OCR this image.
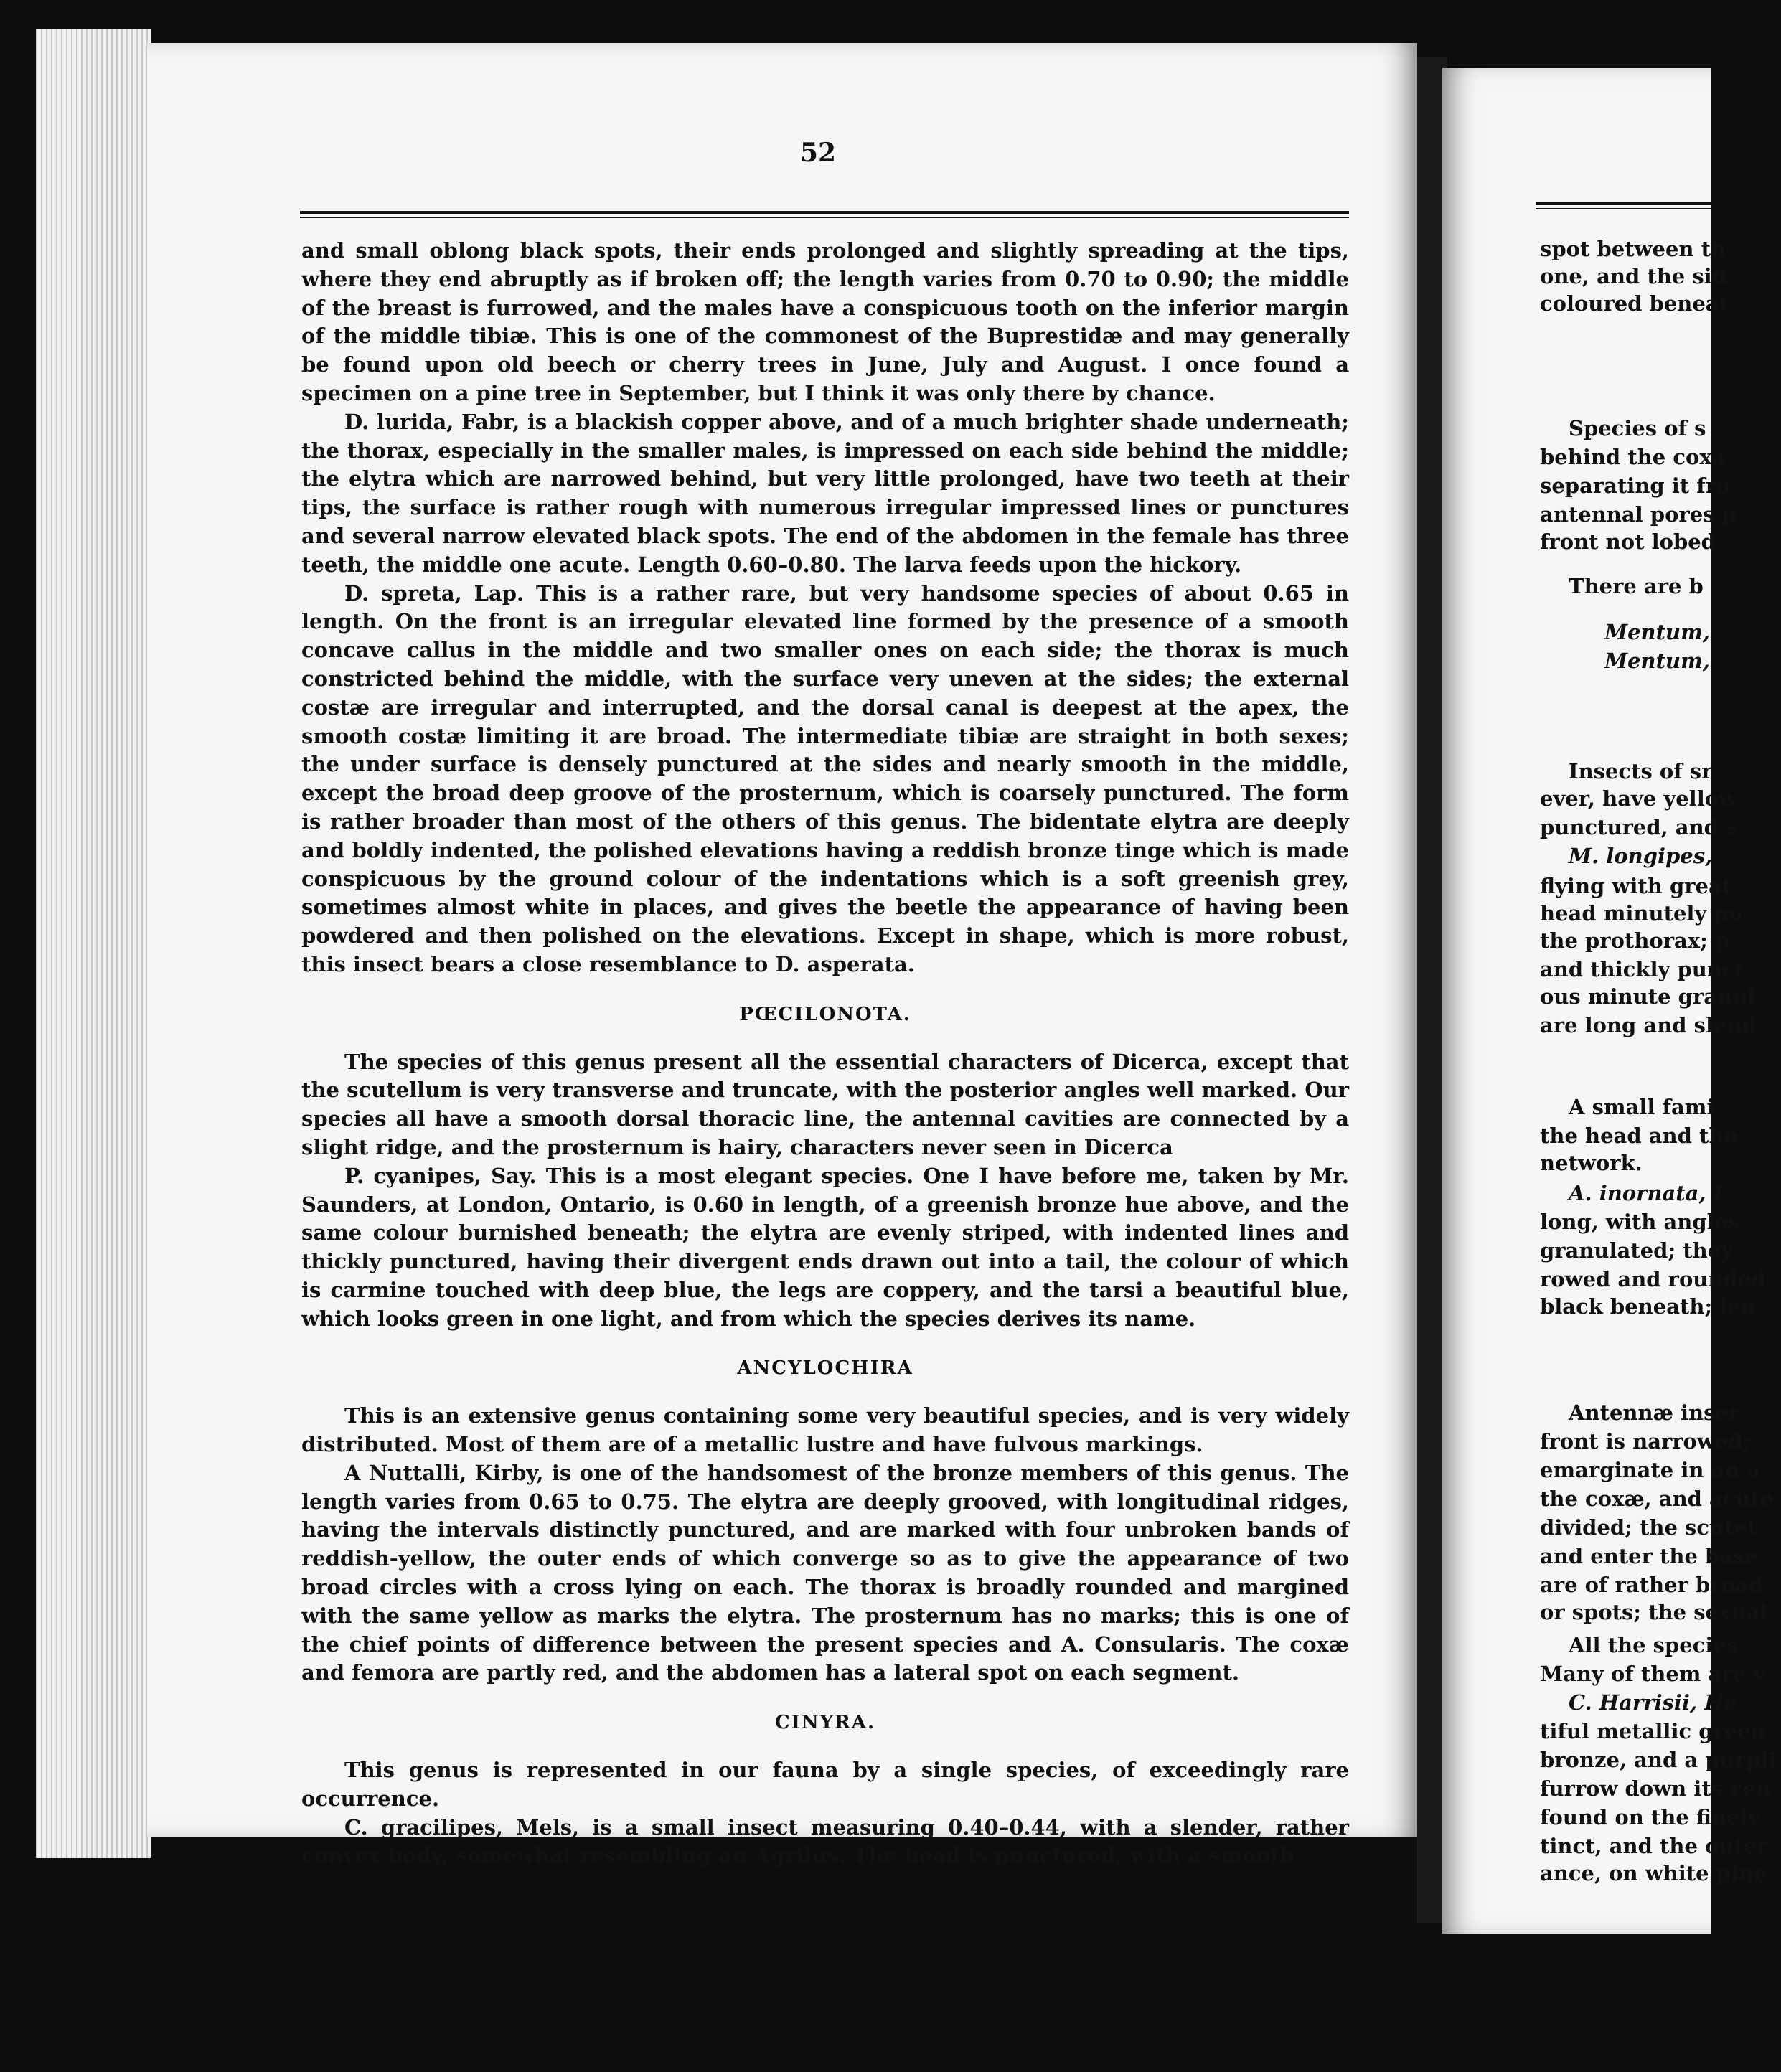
52

and small oblong black spots, their ends prolonged and slightly spreading at the tips, where they end abruptly as if broken off; the length varies from 0.70 to 0.90; the middle of the breast is furrowed, and the males have a conspicuous tooth on the inferior margin of the middle tibiæ. This is one of the commonest of the Buprestidæ and may generally be found upon old beech or cherry trees in June, July and August. I once found a specimen on a pine tree in September, but I think it was only there by chance.

D. lurida, Fabr, is a blackish copper above, and of a much brighter shade underneath; the thorax, especially in the smaller males, is impressed on each side behind the middle; the elytra which are narrowed behind, but very little prolonged, have two teeth at their tips, the surface is rather rough with numerous irregular impressed lines or punctures and several narrow elevated black spots. The end of the abdomen in the female has three teeth, the middle one acute. Length 0.60–0.80. The larva feeds upon the hickory.

D. spreta, Lap. This is a rather rare, but very handsome species of about 0.65 in length. On the front is an irregular elevated line formed by the presence of a smooth concave callus in the middle and two smaller ones on each side; the thorax is much constricted behind the middle, with the surface very uneven at the sides; the external costæ are irregular and interrupted, and the dorsal canal is deepest at the apex, the smooth costæ limiting it are broad. The intermediate tibiæ are straight in both sexes; the under surface is densely punctured at the sides and nearly smooth in the middle, except the broad deep groove of the prosternum, which is coarsely punctured. The form is rather broader than most of the others of this genus. The bidentate elytra are deeply and boldly indented, the polished elevations having a reddish bronze tinge which is made conspicuous by the ground colour of the indentations which is a soft greenish grey, sometimes almost white in places, and gives the beetle the appearance of having been powdered and then polished on the elevations. Except in shape, which is more robust, this insect bears a close resemblance to D. asperata.

PŒCILONOTA.

The species of this genus present all the essential characters of Dicerca, except that the scutellum is very transverse and truncate, with the posterior angles well marked. Our species all have a smooth dorsal thoracic line, the antennal cavities are connected by a slight ridge, and the prosternum is hairy, characters never seen in Dicerca

P. cyanipes, Say. This is a most elegant species. One I have before me, taken by Mr. Saunders, at London, Ontario, is 0.60 in length, of a greenish bronze hue above, and the same colour burnished beneath; the elytra are evenly striped, with indented lines and thickly punctured, having their divergent ends drawn out into a tail, the colour of which is carmine touched with deep blue, the legs are coppery, and the tarsi a beautiful blue, which looks green in one light, and from which the species derives its name.

ANCYLOCHIRA

This is an extensive genus containing some very beautiful species, and is very widely distributed. Most of them are of a metallic lustre and have fulvous markings.

A Nuttalli, Kirby, is one of the handsomest of the bronze members of this genus. The length varies from 0.65 to 0.75. The elytra are deeply grooved, with longitudinal ridges, having the intervals distinctly punctured, and are marked with four unbroken bands of reddish-yellow, the outer ends of which converge so as to give the appearance of two broad circles with a cross lying on each. The thorax is broadly rounded and margined with the same yellow as marks the elytra. The prosternum has no marks; this is one of the chief points of difference between the present species and A. Consularis. The coxæ and femora are partly red, and the abdomen has a lateral spot on each segment.

CINYRA.

This genus is represented in our fauna by a single species, of exceedingly rare occurrence.

C. gracilipes, Mels, is a small insect measuring 0.40–0.44, with a slender, rather convex body, somewhat resembling an Agrilus. The head is punctured, with a smooth

spot between th
one, and the sid
coloured beneat
Species of s
behind the coxa
separating it fro
antennal pores p
front not lobed
There are b
Mentum,
Mentum,
Insects of sr
ever, have yellow
punctured, and s
M. longipes,
flying with great
head minutely pu
the prothorax; p
and thickly punct
ous minute granul
are long and slend
A small fami
the head and tho
network.
A. inornata, I
long, with angles
granulated; they
rowed and rounded
black beneath; len
Antennæ inser
front is narrowed;
emarginate in an a
the coxæ, and acute
divided; the scutel
and enter the base
are of rather broad
or spots; the sexual
All the species
Many of them are v
C. Harrisii, He
tiful metallic green
bronze, and a purpli
furrow down its cen
found on the finely
tinct, and the outer
ance, on white pine
